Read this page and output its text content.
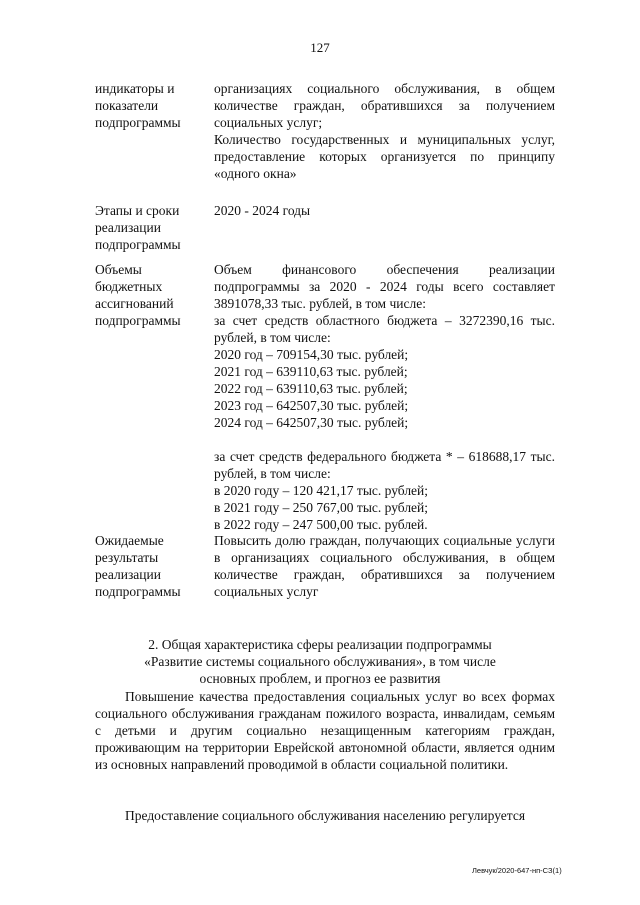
127
индикаторы и
показатели
подпрограммы

организациях социального обслуживания, в общем количестве граждан, обратившихся за получением социальных услуг;

Количество государственных и муниципальных услуг, предоставление которых организуется по принципу «одного окна»

Этапы и сроки
реализации
подпрограммы

2020 - 2024 годы

Объемы
бюджетных
ассигнований
подпрограммы

Объем финансового обеспечения реализации подпрограммы за 2020 - 2024 годы всего составляет 3891078,33 тыс. рублей, в том числе:

за счет средств областного бюджета – 3272390,16 тыс. рублей, в том числе:

2020 год – 709154,30 тыс. рублей;

2021 год – 639110,63 тыс. рублей;

2022 год – 639110,63 тыс. рублей;

2023 год – 642507,30 тыс. рублей;

2024 год – 642507,30 тыс. рублей;

за счет средств федерального бюджета * – 618688,17 тыс. рублей, в том числе:

в 2020 году – 120 421,17 тыс. рублей;

в 2021 году – 250 767,00 тыс. рублей;

в 2022 году – 247 500,00 тыс. рублей.

Ожидаемые
результаты
реализации
подпрограммы

Повысить долю граждан, получающих социальные услуги в организациях социального обслуживания, в общем количестве граждан, обратившихся за получением социальных услуг

2. Общая характеристика сферы реализации подпрограммы
«Развитие системы социального обслуживания», в том числе
основных проблем, и прогноз ее развития

Повышение качества предоставления социальных услуг во всех формах социального обслуживания гражданам пожилого возраста, инвалидам, семьям с детьми и другим социально незащищенным категориям граждан, проживающим на территории Еврейской автономной области, является одним из основных направлений проводимой в области социальной политики.

Предоставление социального обслуживания населению регулируется

Левчук/2020-647-нп-СЗ(1)
